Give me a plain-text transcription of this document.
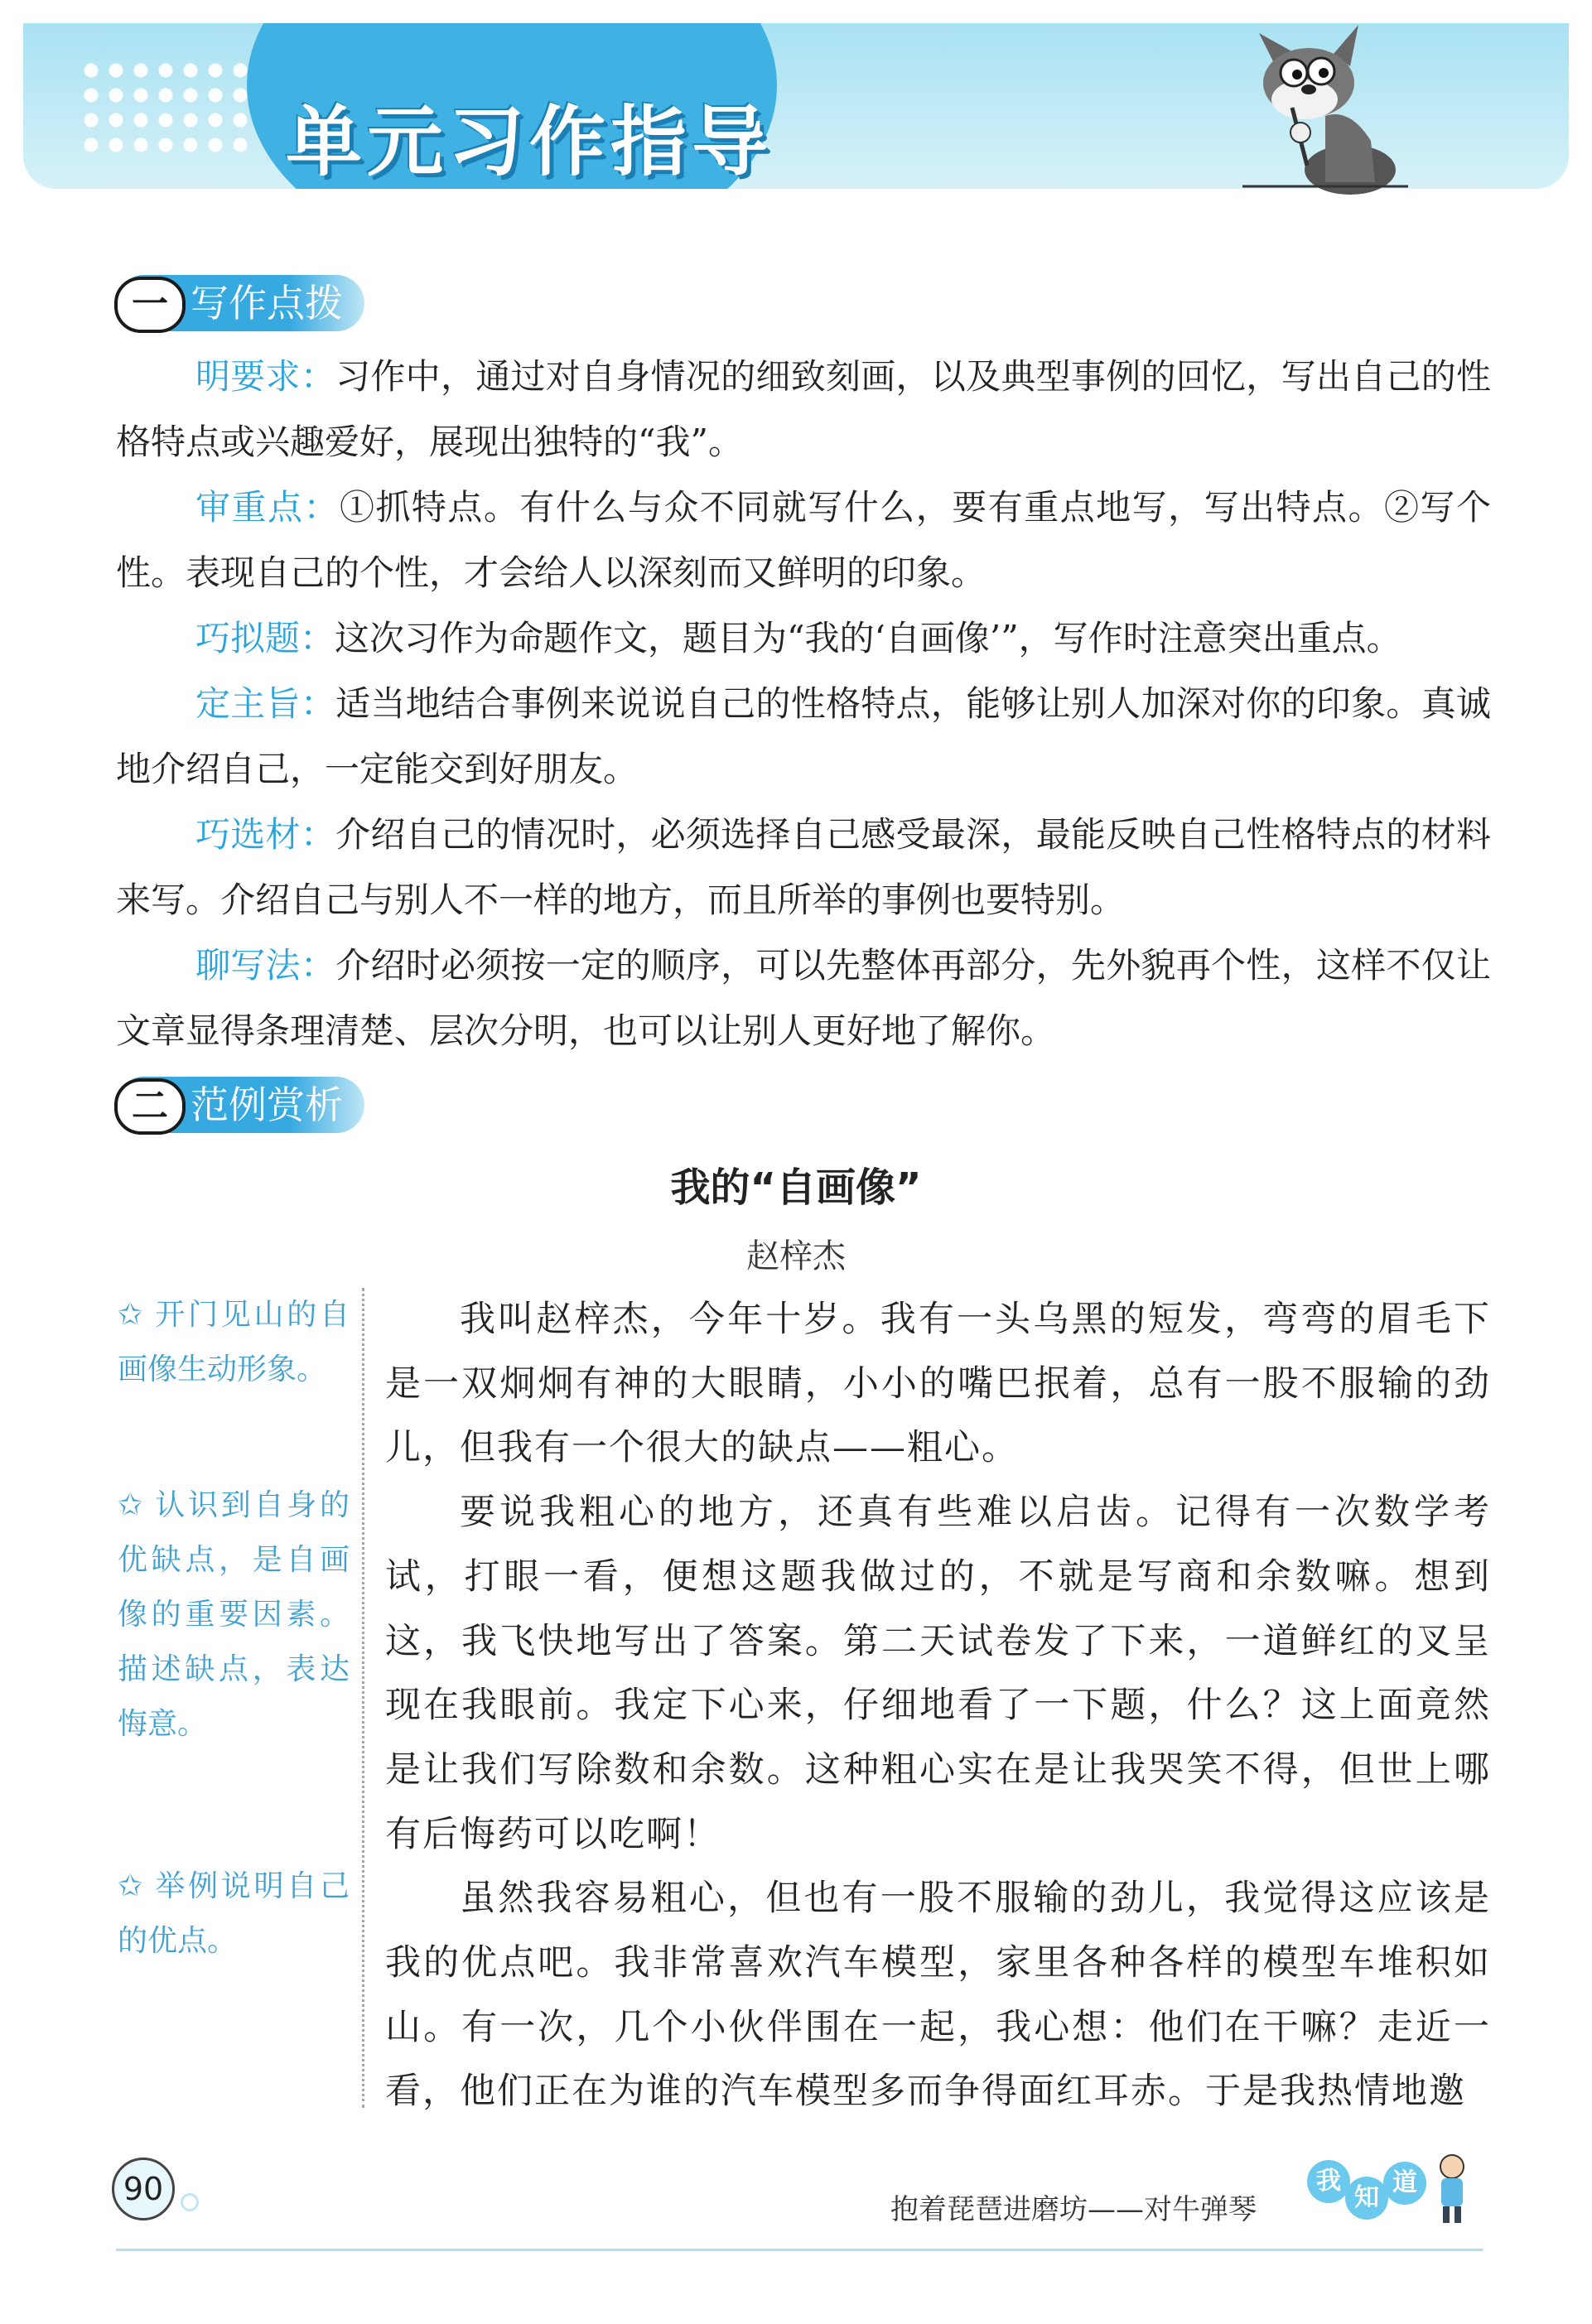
单元习作指导
一 写作点拨

明要求：习作中，通过对自身情况的细致刻画，以及典型事例的回忆，写出自己的性格特点或兴趣爱好，展现出独特的“我”。

审重点：①抓特点。有什么与众不同就写什么，要有重点地写，写出特点。②写个性。表现自己的个性，才会给人以深刻而又鲜明的印象。

巧拟题：这次习作为命题作文，题目为“我的‘自画像’”，写作时注意突出重点。

定主旨：适当地结合事例来说说自己的性格特点，能够让别人加深对你的印象。真诚地介绍自己，一定能交到好朋友。

巧选材：介绍自己的情况时，必须选择自己感受最深，最能反映自己性格特点的材料来写。介绍自己与别人不一样的地方，而且所举的事例也要特别。

聊写法：介绍时必须按一定的顺序，可以先整体再部分，先外貌再个性，这样不仅让文章显得条理清楚、层次分明，也可以让别人更好地了解你。

二 范例赏析
我的“自画像”
赵梓杰
✩ 开门见山的自画像生动形象。
✩ 认识到自身的优缺点，是自画像的重要因素。描述缺点，表达悔意。
✩ 举例说明自己的优点。

我叫赵梓杰，今年十岁。我有一头乌黑的短发，弯弯的眉毛下是一双炯炯有神的大眼睛，小小的嘴巴抿着，总有一股不服输的劲儿，但我有一个很大的缺点——粗心。

要说我粗心的地方，还真有些难以启齿。记得有一次数学考试，打眼一看，便想这题我做过的，不就是写商和余数嘛。想到这，我飞快地写出了答案。第二天试卷发了下来，一道鲜红的叉呈现在我眼前。我定下心来，仔细地看了一下题，什么？这上面竟然是让我们写除数和余数。这种粗心实在是让我哭笑不得，但世上哪有后悔药可以吃啊！

虽然我容易粗心，但也有一股不服输的劲儿，我觉得这应该是我的优点吧。我非常喜欢汽车模型，家里各种各样的模型车堆积如山。有一次，几个小伙伴围在一起，我心想：他们在干嘛？走近一看，他们正在为谁的汽车模型多而争得面红耳赤。于是我热情地邀

90
抱着琵琶进磨坊——对牛弹琴
我
知
道
